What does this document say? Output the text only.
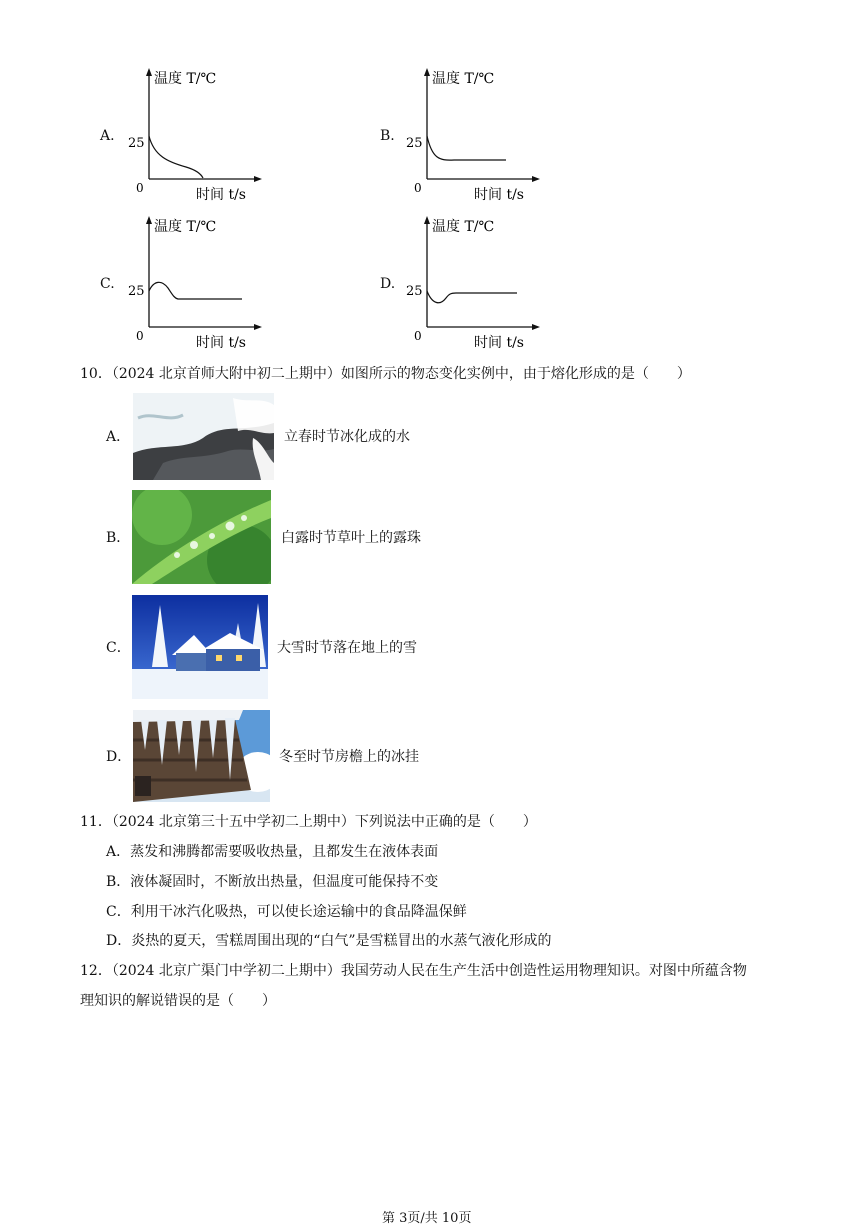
A.
温度 T/℃
25
0	时间 t/s
B.
温度 T/℃
25
0	时间 t/s
C.
温度 T/℃
25
0	时间 t/s
D.
温度 T/℃
25
0	时间 t/s
10．（2024 北京首师大附中初二上期中）如图所示的物态变化实例中，由于熔化形成的是（　　）
A．	立春时节冰化成的水
B．	白露时节草叶上的露珠
C．	大雪时节落在地上的雪
D．	冬至时节房檐上的冰挂
11．（2024 北京第三十五中学初二上期中）下列说法中正确的是（　　）
A．蒸发和沸腾都需要吸收热量，且都发生在液体表面
B．液体凝固时，不断放出热量，但温度可能保持不变
C．利用干冰汽化吸热，可以使长途运输中的食品降温保鲜
D．炎热的夏天，雪糕周围出现的“白气”是雪糕冒出的水蒸气液化形成的
12．（2024 北京广渠门中学初二上期中）我国劳动人民在生产生活中创造性运用物理知识。对图中所蕴含物
理知识的解说错误的是（　　）
第 3页/共 10页
